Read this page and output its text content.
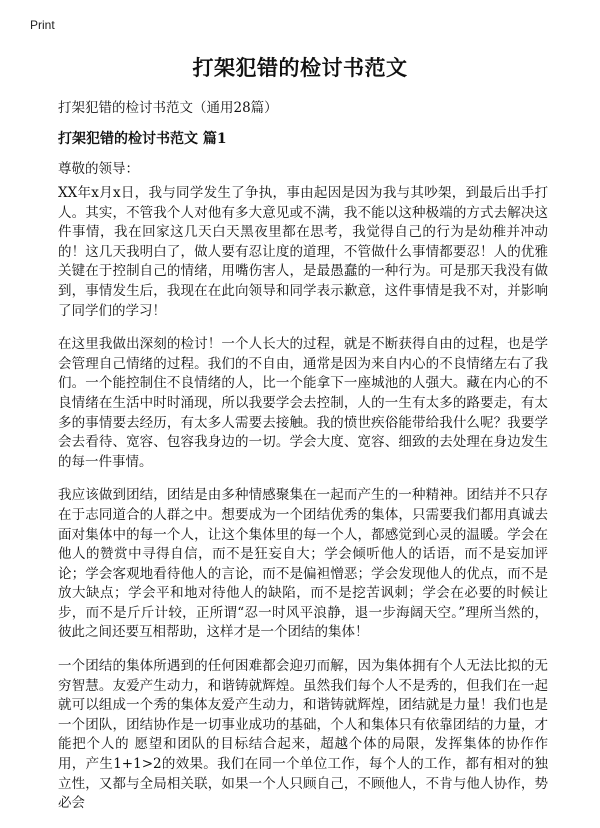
Print
打架犯错的检讨书范文
打架犯错的检讨书范文（通用28篇）
打架犯错的检讨书范文 篇1
尊敬的领导：

XX年x月x日，我与同学发生了争执，事由起因是因为我与其吵架，到最后出手打人。其实，不管我个人对他有多大意见或不满，我不能以这种极端的方式去解决这件事情，我在回家这几天白天黑夜里都在思考，我觉得自己的行为是幼稚并冲动的！这几天我明白了，做人要有忍让度的道理，不管做什么事情都要忍！人的优雅关键在于控制自己的情绪，用嘴伤害人，是最愚蠢的一种行为。可是那天我没有做到，事情发生后，我现在在此向领导和同学表示歉意，这件事情是我不对，并影响了同学们的学习！

在这里我做出深刻的检讨！一个人长大的过程，就是不断获得自由的过程，也是学会管理自己情绪的过程。我们的不自由，通常是因为来自内心的不良情绪左右了我们。一个能控制住不良情绪的人，比一个能拿下一座城池的人强大。藏在内心的不良情绪在生活中时时涌现，所以我要学会去控制，人的一生有太多的路要走，有太多的事情要去经历，有太多人需要去接触。我的愤世疾俗能带给我什么呢？我要学会去看待、宽容、包容我身边的一切。学会大度、宽容、细致的去处理在身边发生的每一件事情。

我应该做到团结，团结是由多种情感聚集在一起而产生的一种精神。团结并不只存在于志同道合的人群之中。想要成为一个团结优秀的集体，只需要我们都用真诚去面对集体中的每一个人，让这个集体里的每一个人，都感觉到心灵的温暖。学会在他人的赞赏中寻得自信，而不是狂妄自大；学会倾听他人的话语，而不是妄加评论；学会客观地看待他人的言论，而不是偏袒憎恶；学会发现他人的优点，而不是放大缺点；学会平和地对待他人的缺陷，而不是挖苦讽刺；学会在必要的时候让步，而不是斤斤计较，正所谓“忍一时风平浪静，退一步海阔天空。”理所当然的，彼此之间还要互相帮助，这样才是一个团结的集体！

一个团结的集体所遇到的任何困难都会迎刃而解，因为集体拥有个人无法比拟的无穷智慧。友爱产生动力，和谐铸就辉煌。虽然我们每个人不是秀的，但我们在一起就可以组成一个秀的集体友爱产生动力，和谐铸就辉煌，团结就是力量！我们也是一个团队，团结协作是一切事业成功的基础，个人和集体只有依靠团结的力量，才能把个人的 愿望和团队的目标结合起来，超越个体的局限，发挥集体的协作作用，产生1+1>2的效果。我们在同一个单位工作，每个人的工作，都有相对的独立性，又都与全局相关联，如果一个人只顾自己，不顾他人，不肯与他人协作，势必会
